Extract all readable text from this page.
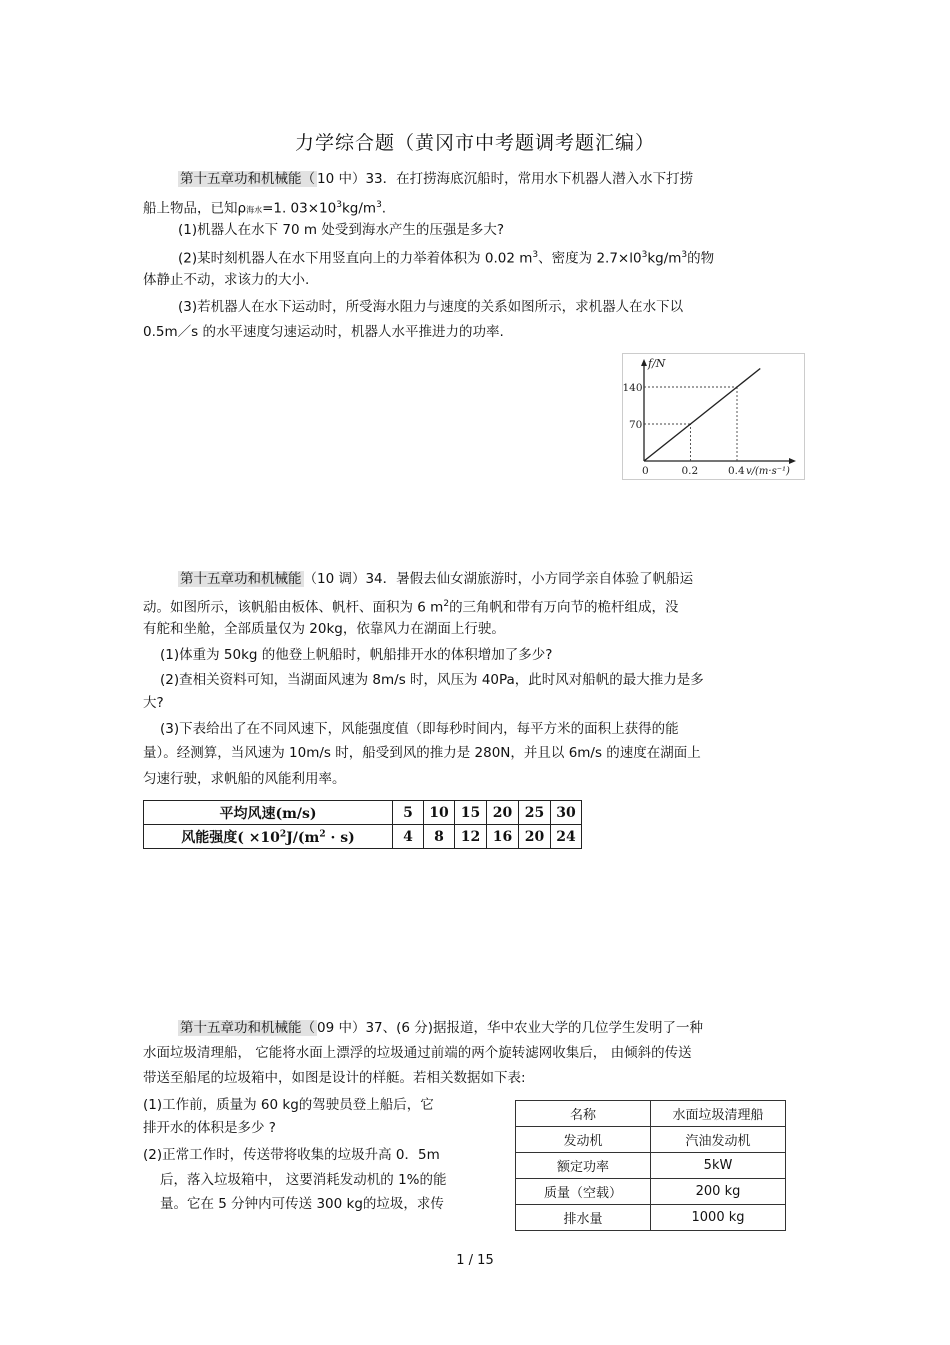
力学综合题（黄冈市中考题调考题汇编）
第十五章功和机械能（ 10 中）33．在打捞海底沉船时，常用水下机器人潜入水下打捞
船上物品，已知ρ海水=1. $03\times 10^3kg/m^3$.
(1)机器人在水下 70 m 处受到海水产生的压强是多大?
(2)某时刻机器人在水下用竖直向上的力举着体积为 0.02 $m^3$、密度为 $2.7\times l0^3kg/m^3$的物
体静止不动，求该力的大小.
(3)若机器人在水下运动时，所受海水阻力与速度的关系如图所示，求机器人在水下以
0.5m／s 的水平速度匀速运动时，机器人水平推进力的功率.
f/N
v/(m·s⁻¹)
0	0.2	0.4
70
140
第十五章功和机械能 （10 调）34．暑假去仙女湖旅游时，小方同学亲自体验了帆船运
动。如图所示，该帆船由板体、帆杆、面积为 6 $m^2$的三角帆和带有万向节的桅杆组成，没
有舵和坐舱，全部质量仅为 20kg，依靠风力在湖面上行驶。
(1)体重为 50kg 的他登上帆船时，帆船排开水的体积增加了多少?
(2)查相关资料可知，当湖面风速为 8m/s 时，风压为 40Pa，此时风对船帆的最大推力是多
大?
(3)下表给出了在不同风速下，风能强度值（即每秒时间内，每平方米的面积上获得的能
量）。经测算，当风速为 10m/s 时，船受到风的推力是 280N，并且以 6m/s 的速度在湖面上
匀速行驶，求帆船的风能利用率。
平均风速(m/s)	5	10	15	20	25	30
风能强度( $\times 10^2J/(m^2 \cdot s)$	4	8	12	16	20	24
第十五章功和机械能（ 09 中）37、(6 分)据报道，华中农业大学的几位学生发明了一种
水面垃圾清理船， 它能将水面上漂浮的垃圾通过前端的两个旋转滤网收集后， 由倾斜的传送
带送至船尾的垃圾箱中，如图是设计的样艇。若相关数据如下表:
(1)工作前，质量为 60 kg的驾驶员登上船后，它
排开水的体积是多少 ?
(2)正常工作时，传送带将收集的垃圾升高 0．5m
后，落入垃圾箱中， 这要消耗发动机的 1%的能
量。它在 5 分钟内可传送 300 kg的垃圾，求传
名称	水面垃圾清理船
发动机	汽油发动机
额定功率	5kW
质量（空载）	200 kg
排水量	1000 kg
1 / 15
